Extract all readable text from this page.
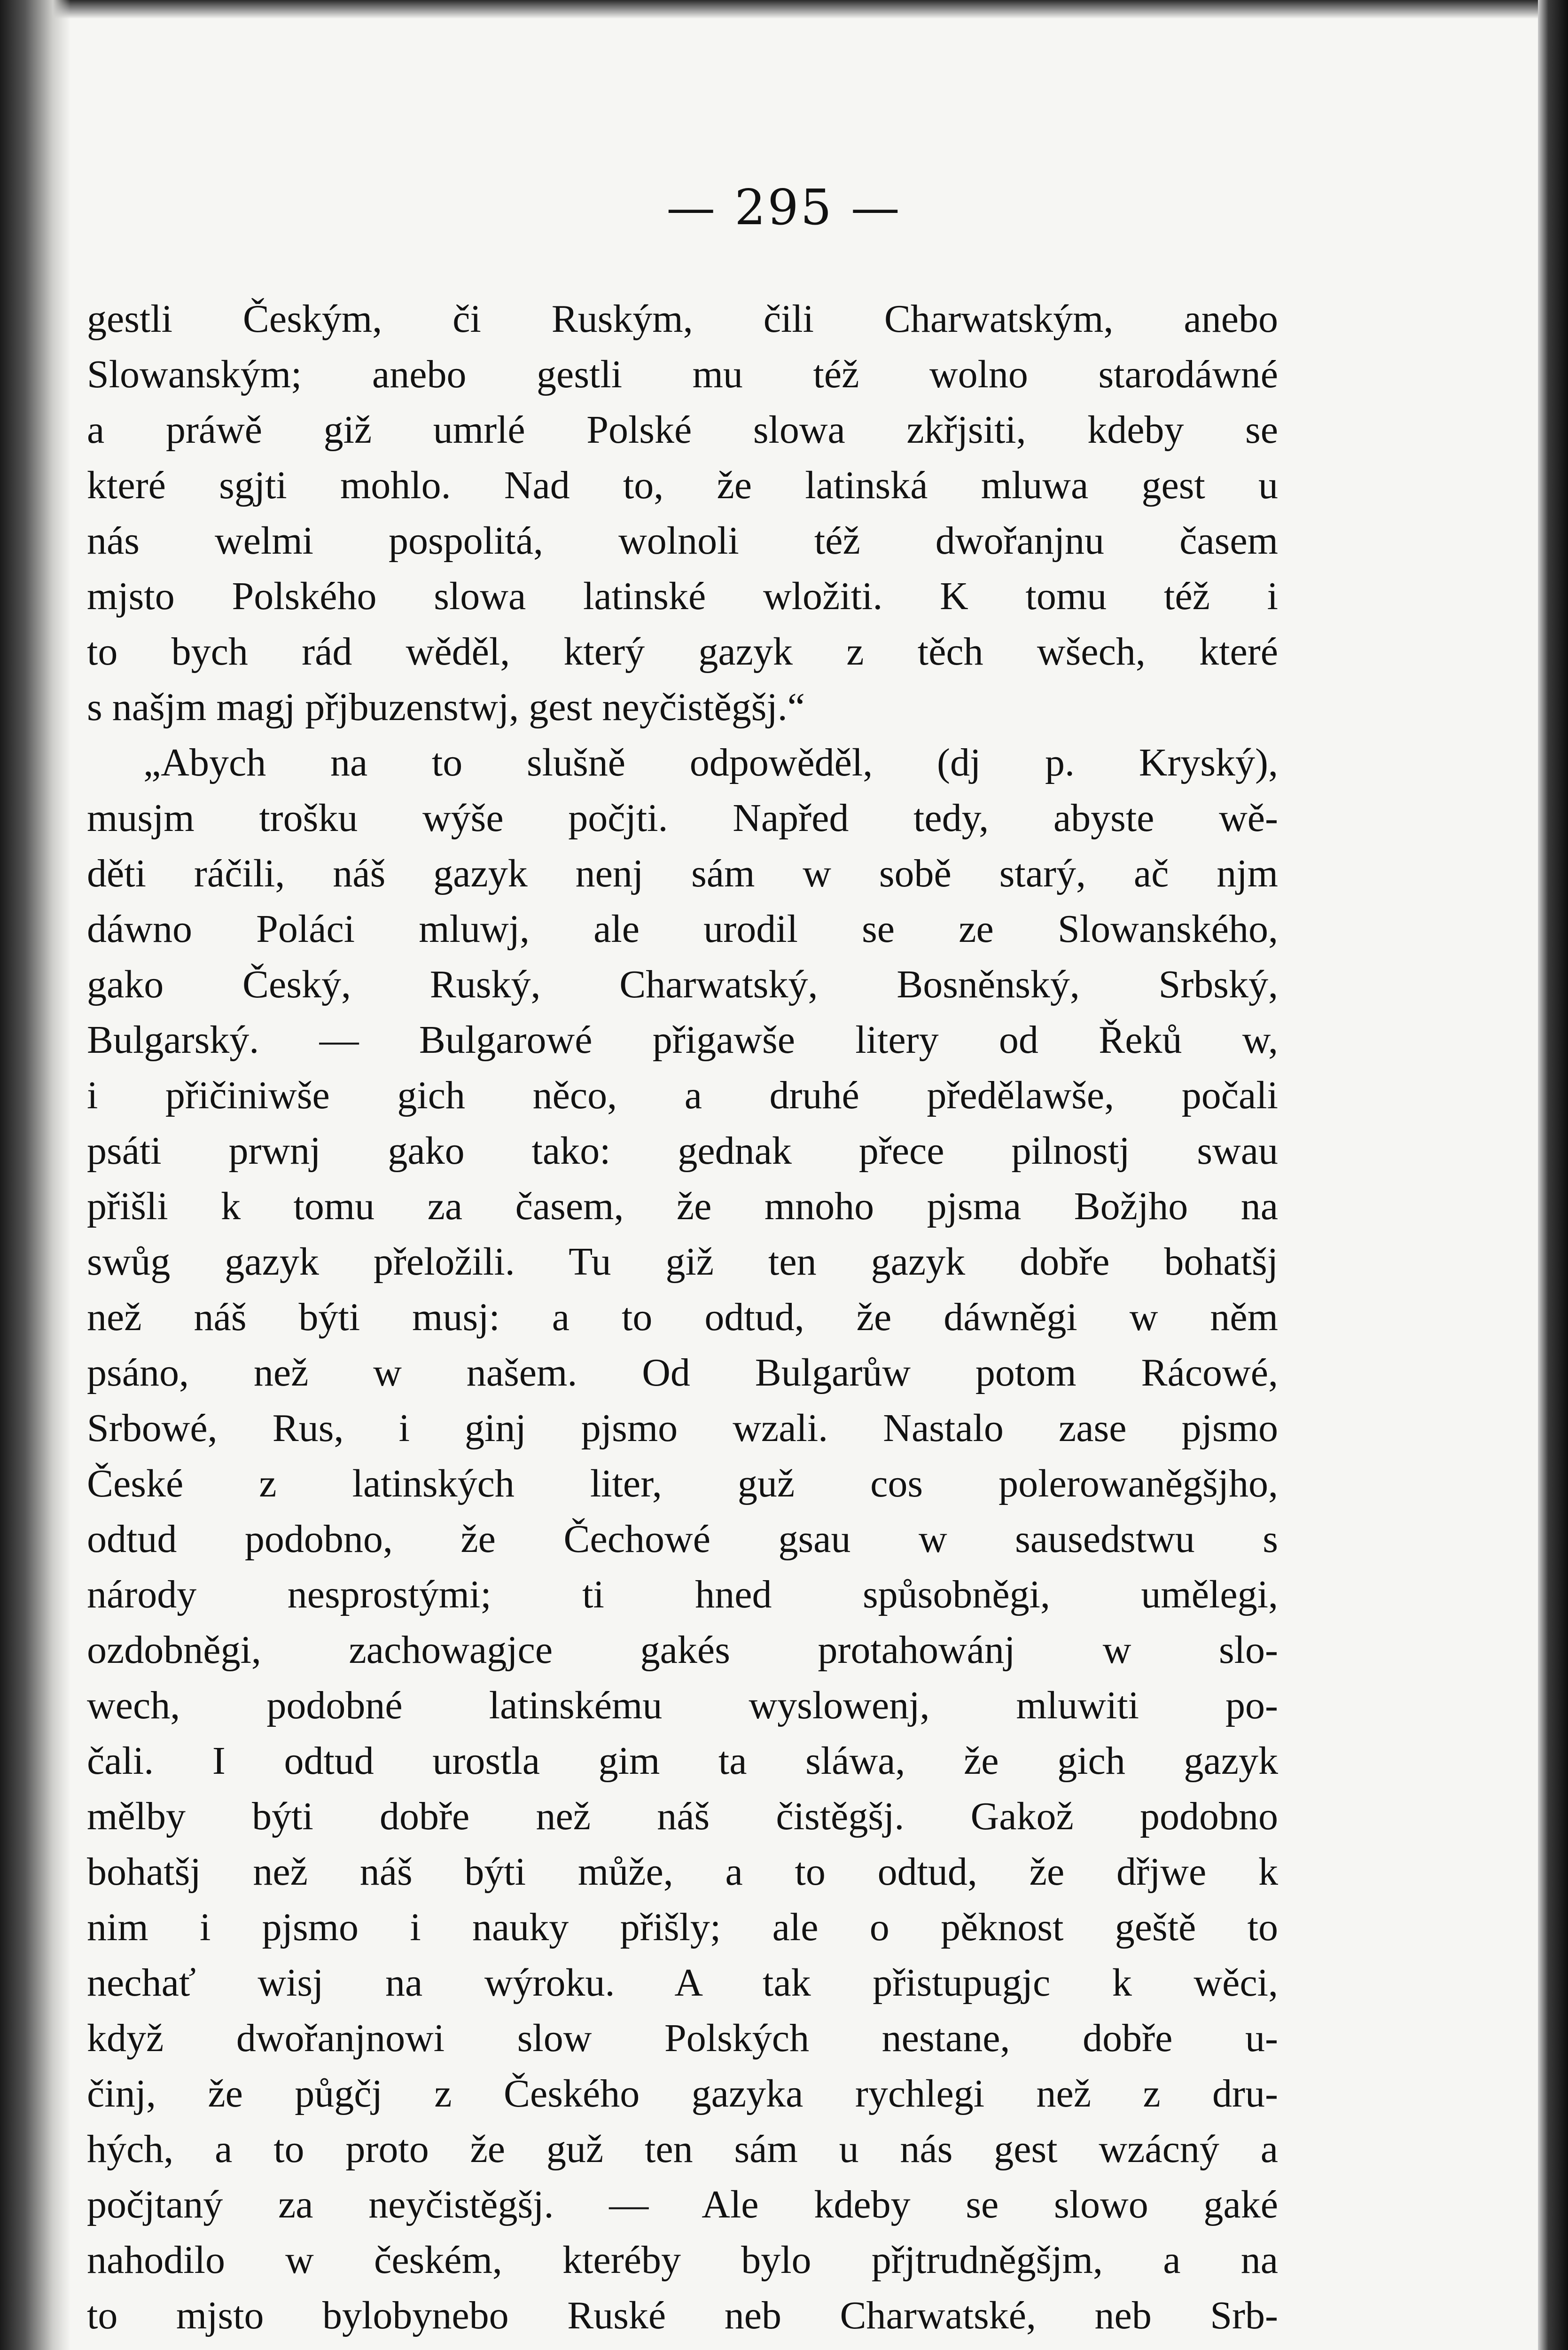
— 295 —
gestli Českým, či Ruským, čili Charwatským, anebo
Slowanským; anebo gestli mu též wolno starodáwné
a práwě giž umrlé Polské slowa zkřjsiti, kdeby se
které sgjti mohlo. Nad to, že latinská mluwa gest u
nás welmi pospolitá, wolnoli též dwořanjnu časem
mjsto Polského slowa latinské wložiti. K tomu též i
to bych rád wěděl, který gazyk z těch wšech, které
s našjm magj přjbuzenstwj, gest neyčistěgšj.“
„Abych na to slušně odpowěděl, (dj p. Kryský),
musjm trošku wýše počjti. Napřed tedy, abyste wě-
děti ráčili, náš gazyk nenj sám w sobě starý, ač njm
dáwno Poláci mluwj, ale urodil se ze Slowanského,
gako Český, Ruský, Charwatský, Bosněnský, Srbský,
Bulgarský. — Bulgarowé přigawše litery od Řeků w,
i přičiniwše gich něco, a druhé předělawše, počali
psáti prwnj gako tako: gednak přece pilnostj swau
přišli k tomu za časem, že mnoho pjsma Božjho na
swůg gazyk přeložili. Tu giž ten gazyk dobře bohatšj
než náš býti musj: a to odtud, že dáwněgi w něm
psáno, než w našem. Od Bulgarůw potom Rácowé,
Srbowé, Rus, i ginj pjsmo wzali. Nastalo zase pjsmo
České z latinských liter, guž cos polerowaněgšjho,
odtud podobno, že Čechowé gsau w sausedstwu s
národy nesprostými; ti hned spůsobněgi, umělegi,
ozdobněgi, zachowagjce gakés protahowánj w slo-
wech, podobné latinskému wyslowenj, mluwiti po-
čali. I odtud urostla gim ta sláwa, že gich gazyk
mělby býti dobře než náš čistěgšj. Gakož podobno
bohatšj než náš býti může, a to odtud, že dřjwe k
nim i pjsmo i nauky přišly; ale o pěknost geště to
nechať wisj na wýroku. A tak přistupugjc k wěci,
když dwořanjnowi slow Polských nestane, dobře u-
činj, že půgčj z Českého gazyka rychlegi než z dru-
hých, a to proto že guž ten sám u nás gest wzácný a
počjtaný za neyčistěgšj. — Ale kdeby se slowo gaké
nahodilo w českém, kteréby bylo přjtrudněgšjm, a na
to mjsto bylobynebo Ruské neb Charwatské, neb Srb-
